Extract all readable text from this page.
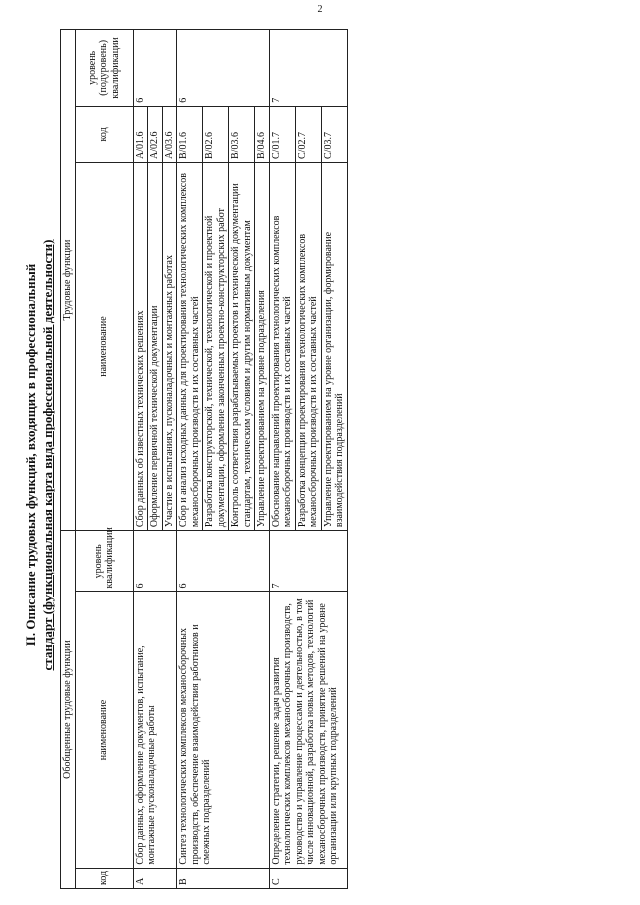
2
II. Описание трудовых функций, входящих в профессиональный стандарт (функциональная карта вида профессиональной деятельности)
Обобщенные трудовые функции			Трудовые функции		
код	наименование	уровень квалификации	наименование	код	уровень (подуровень) квалификации
A	Сбор данных, оформление документов, испытание, монтажные пусконаладочные работы	6	Сбор данных об известных технических решениях	A/01.6	6
			Оформление первичной технической документации	A/02.6	
			Участие в испытаниях, пусконаладочных и монтажных работах	A/03.6	
B	Синтез технологических комплексов механосборочных производств, обеспечение взаимодействия работников и смежных подразделений	6	Сбор и анализ исходных данных для проектирования технологических комплексов механосборочных производств и их составных частей	B/01.6	6
			Разработка конструкторской, технической, технологической и проектной документации, оформление законченных проектно-конструкторских работ	B/02.6	
			Контроль соответствия разрабатываемых проектов и технической документации стандартам, техническим условиям и другим нормативным документам	B/03.6	
			Управление проектированием на уровне подразделения	B/04.6	
C	Определение стратегии, решение задач развития технологических комплексов механосборочных производств, руководство и управление процессами и деятельностью, в том числе инновационной, разработка новых методов, технологий механосборочных производств, принятие решений на уровне организации или крупных подразделений	7	Обоснование направлений проектирования технологических комплексов механосборочных производств и их составных частей	C/01.7	7
			Разработка концепции проектирования технологических комплексов механосборочных производств и их составных частей	C/02.7	
			Управление проектированием на уровне организации, формирование взаимодействия подразделений	C/03.7	
